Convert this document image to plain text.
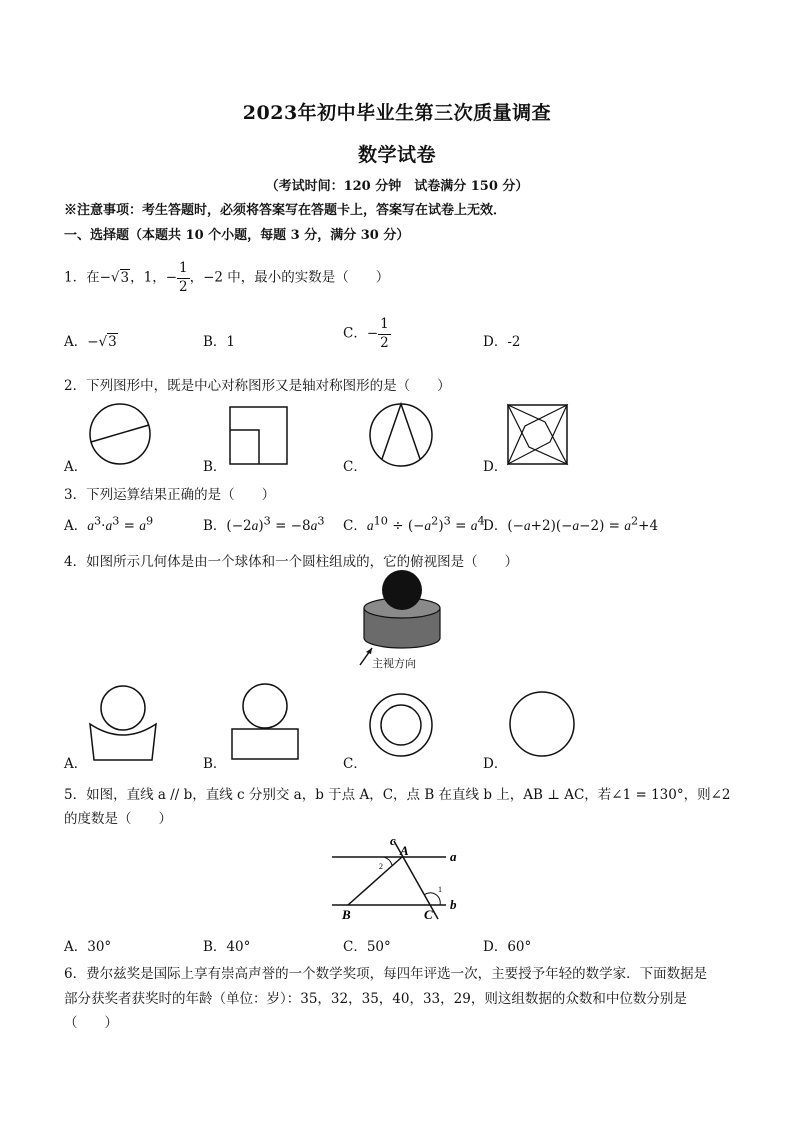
2023年初中毕业生第三次质量调查
数学试卷
（考试时间：120 分钟　试卷满分 150 分）
※注意事项：考生答题时，必须将答案写在答题卡上，答案写在试卷上无效．
一、选择题（本题共 10 个小题，每题 3 分，满分 30 分）
1．在−√3，1，− $\frac{1}{2}$ ，−2 中，最小的实数是（　　）
A．−√3	B．1
C．− $\frac{1}{2}$	D．-2
2．下列图形中，既是中心对称图形又是轴对称图形的是（　　）
A．	B．	C．	D．
3．下列运算结果正确的是（　　）
A．$a^3\cdot a^3 = a^9$	B．$(-2a)^3 = -8a^3$ C．$a^{10} \div (-a^2)^3 = a^4$
D．$(-a+2)(-a-2) = a^2+4$
4．如图所示几何体是由一个球体和一个圆柱组成的，它的俯视图是（　　）
主视方向
A．	B．	C．	D．
5．如图，直线 a // b，直线 c 分别交 a，b 于点 A，C，点 B 在直线 b 上，AB ⊥ AC，若∠1 = 130°，则∠2
的度数是（　　）
c
A	a
2
1
B	C
b
A．30°	B．40°	C．50°	D．60°
6．费尔兹奖是国际上享有崇高声誉的一个数学奖项，每四年评选一次，主要授予年轻的数学家．下面数据是
部分获奖者获奖时的年龄（单位：岁）：35，32，35，40，33，29，则这组数据的众数和中位数分别是
（　　）
